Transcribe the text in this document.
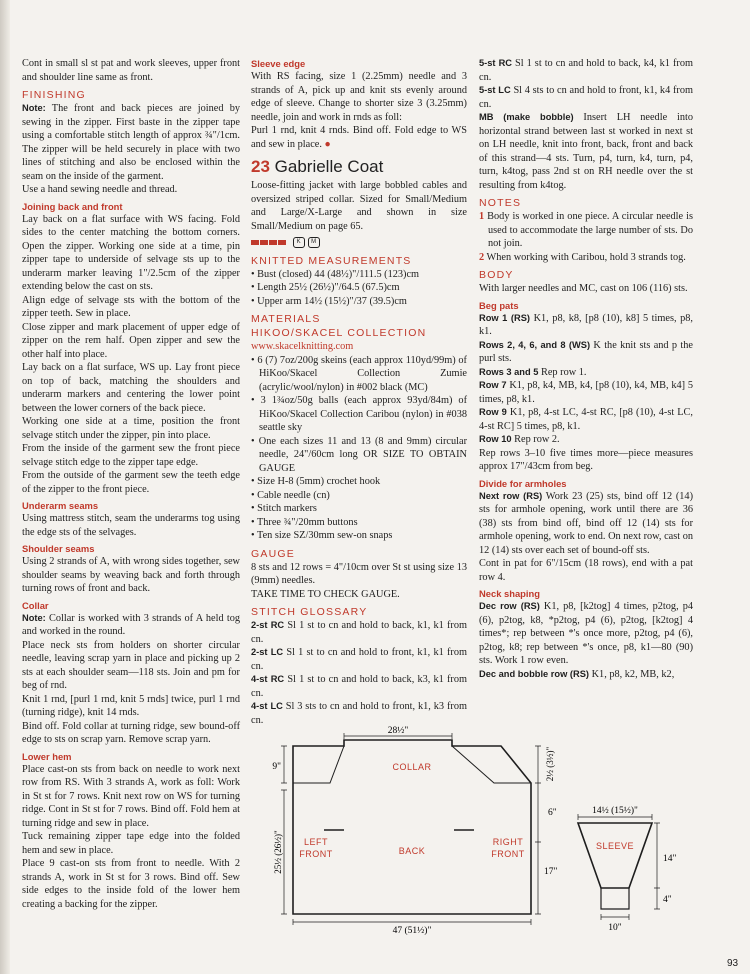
Cont in small sl st pat and work sleeves, upper front and shoulder line same as front.

FINISHING

Note: The front and back pieces are joined by sewing in the zipper. First baste in the zipper tape using a comfortable stitch length of approx ¾"/1cm. The zipper will be held securely in place with two lines of stitching and also be enclosed within the seam on the inside of the garment.

Use a hand sewing needle and thread.

Joining back and front

Lay back on a flat surface with WS facing. Fold sides to the center matching the bottom corners. Open the zipper. Working one side at a time, pin zipper tape to underside of selvage sts up to the underarm marker leaving 1"/2.5cm of the zipper extending below the cast on sts.

Align edge of selvage sts with the bottom of the zipper teeth. Sew in place.

Close zipper and mark placement of upper edge of zipper on the rem half. Open zipper and sew the other half into place.

Lay back on a flat surface, WS up. Lay front piece on top of back, matching the shoulders and underarm markers and centering the lower point between the lower corners of the back piece.

Working one side at a time, position the front selvage stitch under the zipper, pin into place.

From the inside of the garment sew the front piece selvage stitch edge to the zipper tape edge.

From the outside of the garment sew the teeth edge of the zipper to the front piece.

Underarm seams

Using mattress stitch, seam the underarms tog using the edge sts of the selvages.

Shoulder seams

Using 2 strands of A, with wrong sides together, sew shoulder seams by weaving back and forth through turning rows of front and back.

Collar

Note: Collar is worked with 3 strands of A held tog and worked in the round.

Place neck sts from holders on shorter circular needle, leaving scrap yarn in place and picking up 2 sts at each shoulder seam—118 sts. Join and pm for beg of rnd.

Knit 1 rnd, [purl 1 rnd, knit 5 rnds] twice, purl 1 rnd (turning ridge), knit 14 rnds.

Bind off. Fold collar at turning ridge, sew bound-off edge to sts on scrap yarn. Remove scrap yarn.

Lower hem

Place cast-on sts from back on needle to work next row from RS. With 3 strands A, work as foll: Work in St st for 7 rows. Knit next row on WS for turning ridge. Cont in St st for 7 rows. Bind off. Fold hem at turning ridge and sew in place.

Tuck remaining zipper tape edge into the folded hem and sew in place.

Place 9 cast-on sts from front to needle. With 2 strands A, work in St st for 3 rows. Bind off. Sew side edges to the inside fold of the lower hem creating a backing for the zipper.

Sleeve edge

With RS facing, size 1 (2.25mm) needle and 3 strands of A, pick up and knit sts evenly around edge of sleeve. Change to shorter size 3 (3.25mm) needle, join and work in rnds as foll:

Purl 1 rnd, knit 4 rnds. Bind off. Fold edge to WS and sew in place. ●

23 Gabrielle Coat

Loose-fitting jacket with large bobbled cables and oversized striped collar. Sized for Small/Medium and Large/X-Large and shown in size Small/Medium on page 65.

K M
KNITTED MEASUREMENTS

• Bust (closed) 44 (48½)"/111.5 (123)cm

• Length 25½ (26½)"/64.5 (67.5)cm

• Upper arm 14½ (15½)"/37 (39.5)cm

MATERIALS
HIKOO/SKACEL COLLECTION

www.skacelknitting.com

• 6 (7) 7oz/200g skeins (each approx 110yd/99m) of HiKoo/Skacel Collection Zumie (acrylic/wool/nylon) in #002 black (MC)

• 3 1¾oz/50g balls (each approx 93yd/84m) of HiKoo/Skacel Collection Caribou (nylon) in #038 seattle sky

• One each sizes 11 and 13 (8 and 9mm) circular needle, 24"/60cm long OR SIZE TO OBTAIN GAUGE

• Size H-8 (5mm) crochet hook

• Cable needle (cn)

• Stitch markers

• Three ¾"/20mm buttons

• Ten size SZ/30mm sew-on snaps

GAUGE

8 sts and 12 rows = 4"/10cm over St st using size 13 (9mm) needles.

TAKE TIME TO CHECK GAUGE.

STITCH GLOSSARY

2-st RC Sl 1 st to cn and hold to back, k1, k1 from cn.

2-st LC Sl 1 st to cn and hold to front, k1, k1 from cn.

4-st RC Sl 1 st to cn and hold to back, k3, k1 from cn.

4-st LC Sl 3 sts to cn and hold to front, k1, k3 from cn.

5-st RC Sl 1 st to cn and hold to back, k4, k1 from cn.

5-st LC Sl 4 sts to cn and hold to front, k1, k4 from cn.

MB (make bobble) Insert LH needle into horizontal strand between last st worked in next st on LH needle, knit into front, back, front and back of this strand—4 sts. Turn, p4, turn, k4, turn, p4, turn, k4tog, pass 2nd st on RH needle over the st resulting from k4tog.

NOTES

1 Body is worked in one piece. A circular needle is used to accommodate the large number of sts. Do not join.

2 When working with Caribou, hold 3 strands tog.

BODY

With larger needles and MC, cast on 106 (116) sts.

Beg pats

Row 1 (RS) K1, p8, k8, [p8 (10), k8] 5 times, p8, k1.

Rows 2, 4, 6, and 8 (WS) K the knit sts and p the purl sts.

Rows 3 and 5 Rep row 1.

Row 7 K1, p8, k4, MB, k4, [p8 (10), k4, MB, k4] 5 times, p8, k1.

Row 9 K1, p8, 4-st LC, 4-st RC, [p8 (10), 4-st LC, 4-st RC] 5 times, p8, k1.

Row 10 Rep row 2.

Rep rows 3–10 five times more—piece measures approx 17"/43cm from beg.

Divide for armholes

Next row (RS) Work 23 (25) sts, bind off 12 (14) sts for armhole opening, work until there are 36 (38) sts from bind off, bind off 12 (14) sts for armhole opening, work to end. On next row, cast on 12 (14) sts over each set of bound-off sts.

Cont in pat for 6"/15cm (18 rows), end with a pat row 4.

Neck shaping

Dec row (RS) K1, p8, [k2tog] 4 times, p2tog, p4 (6), p2tog, k8, *p2tog, p4 (6), p2tog, [k2tog] 4 times*; rep between *'s once more, p2tog, p4 (6), p2tog, k8; rep between *'s once, p8, k1—80 (90) sts. Work 1 row even.

Dec and bobble row (RS) K1, p8, k2, MB, k2,

28½"
9"	COLLAR	2½ (3½)"
6"
17"
25½ (26½)" LEFT
FRONT	BACK
RIGHT
FRONT
47 (51½)"
14½ (15½)"
SLEEVE
14"
4"
10"
93
